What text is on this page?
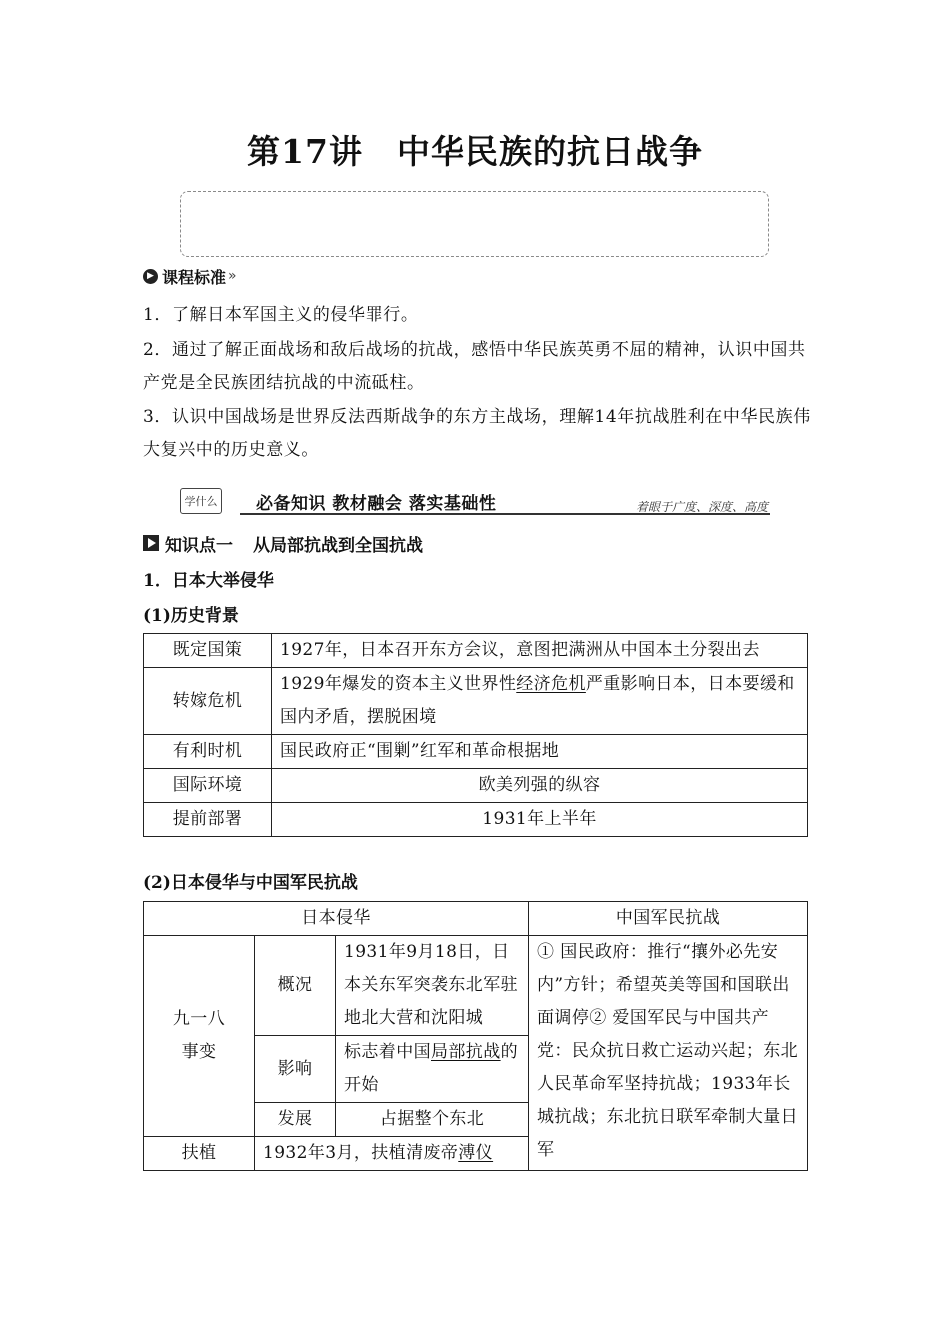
第17讲 中华民族的抗日战争
▶ 课程标准 »
1．了解日本军国主义的侵华罪行。
2．通过了解正面战场和敌后战场的抗战，感悟中华民族英勇不屈的精神，认识中国共产党是全民族团结抗战的中流砥柱。
3．认识中国战场是世界反法西斯战争的东方主战场，理解14年抗战胜利在中华民族伟大复兴中的历史意义。
学什么 必备知识 教材融会 落实基础性	着眼于广度、深度、高度
知识点一 从局部抗战到全国抗战
1．日本大举侵华
(1)历史背景
既定国策	1927年，日本召开东方会议，意图把满洲从中国本土分裂出去
转嫁危机	1929年爆发的资本主义世界性经济危机严重影响日本，日本要缓和国内矛盾，摆脱困境
有利时机	国民政府正“围剿”红军和革命根据地
国际环境	欧美列强的纵容
提前部署	1931年上半年
(2)日本侵华与中国军民抗战
日本侵华			中国军民抗战
九一八
事变	概况	1931年9月18日，日本关东军突袭东北军驻地北大营和沈阳城	① 国民政府：推行“攘外必先安内”方针；希望英美等国和国联出面调停② 爱国军民与中国共产党：民众抗日救亡运动兴起；东北人民革命军坚持抗战；1933年长城抗战；东北抗日联军牵制大量日军
	影响	标志着中国局部抗战的开始	
	发展	占据整个东北	
扶植	1932年3月，扶植清废帝溥仪		
